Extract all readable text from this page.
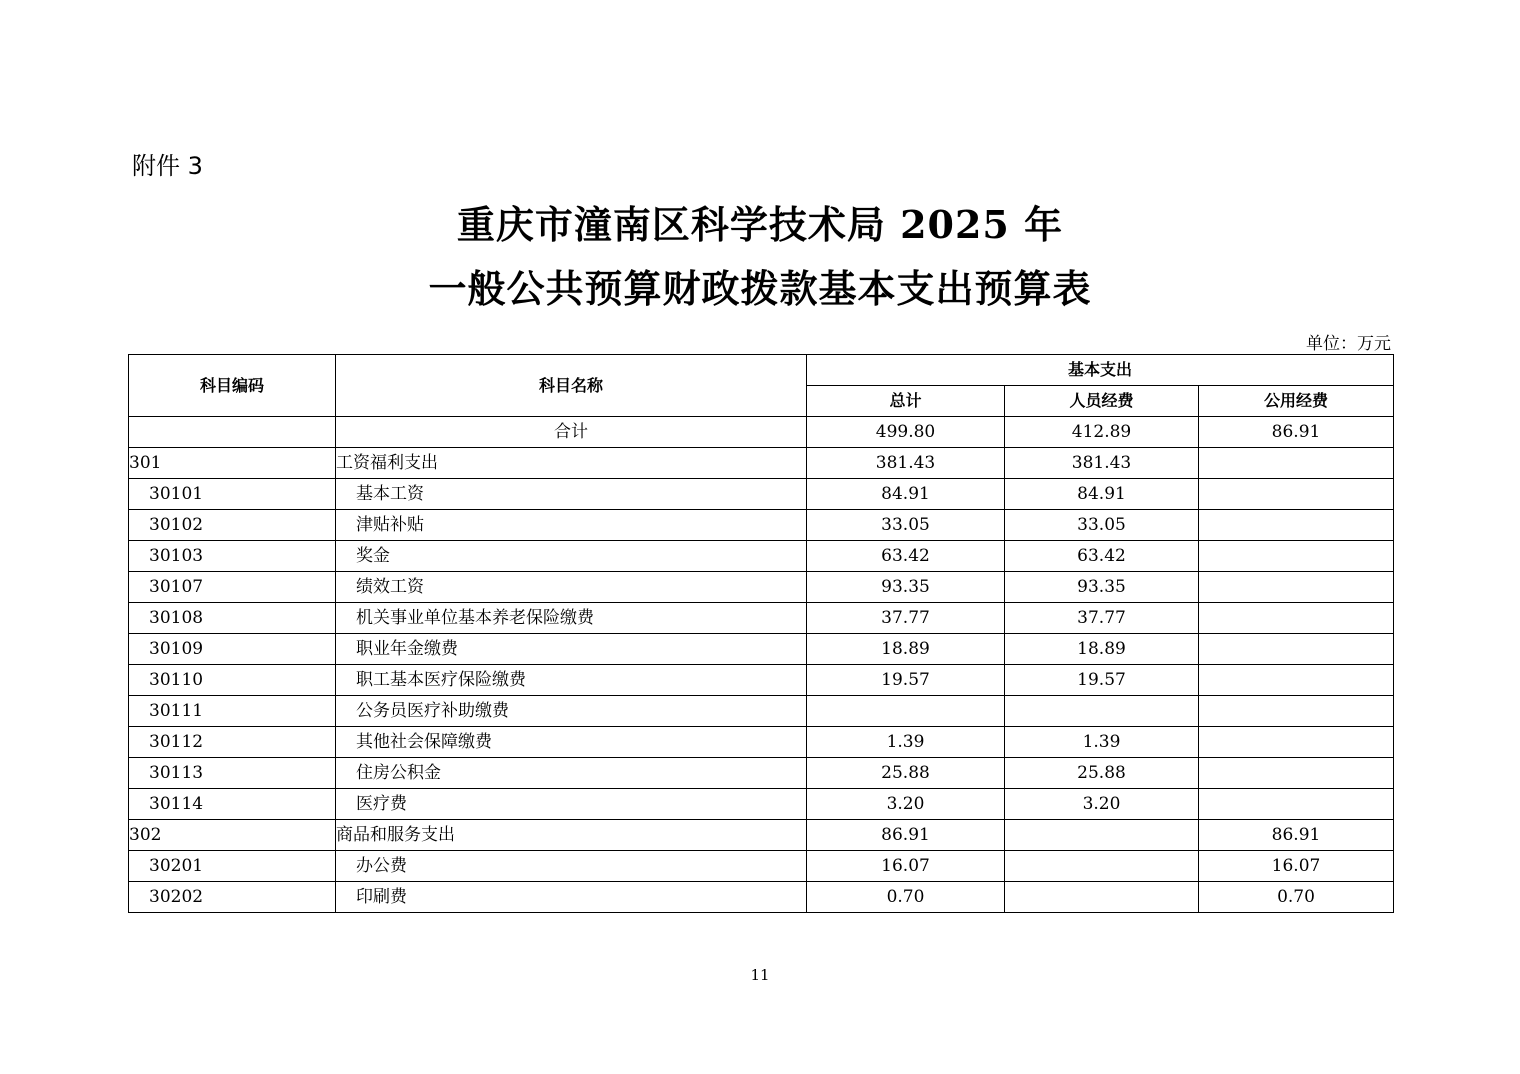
附件 3
重庆市潼南区科学技术局 2025 年
一般公共预算财政拨款基本支出预算表
单位：万元
科目编码	科目名称	基本支出		
		总计	人员经费	公用经费
	合计	499.80	412.89	86.91
301	工资福利支出	381.43	381.43	
30101	基本工资	84.91	84.91	
30102	津贴补贴	33.05	33.05	
30103	奖金	63.42	63.42	
30107	绩效工资	93.35	93.35	
30108	机关事业单位基本养老保险缴费	37.77	37.77	
30109	职业年金缴费	18.89	18.89	
30110	职工基本医疗保险缴费	19.57	19.57	
30111	公务员医疗补助缴费			
30112	其他社会保障缴费	1.39	1.39	
30113	住房公积金	25.88	25.88	
30114	医疗费	3.20	3.20	
302	商品和服务支出	86.91		86.91
30201	办公费	16.07		16.07
30202	印刷费	0.70		0.70
11
